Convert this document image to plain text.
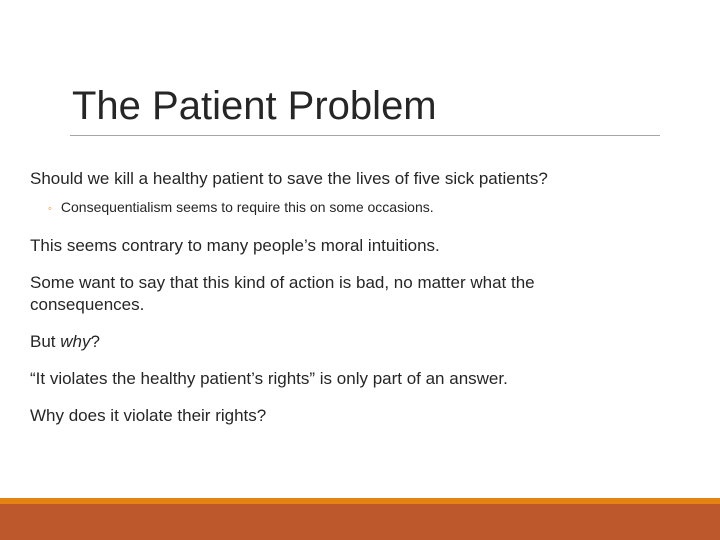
The Patient Problem

Should we kill a healthy patient to save the lives of five sick patients?

◦ Consequentialism seems to require this on some occasions.

This seems contrary to many people’s moral intuitions.

Some want to say that this kind of action is bad, no matter what the consequences.

But why?

“It violates the healthy patient’s rights” is only part of an answer.

Why does it violate their rights?
